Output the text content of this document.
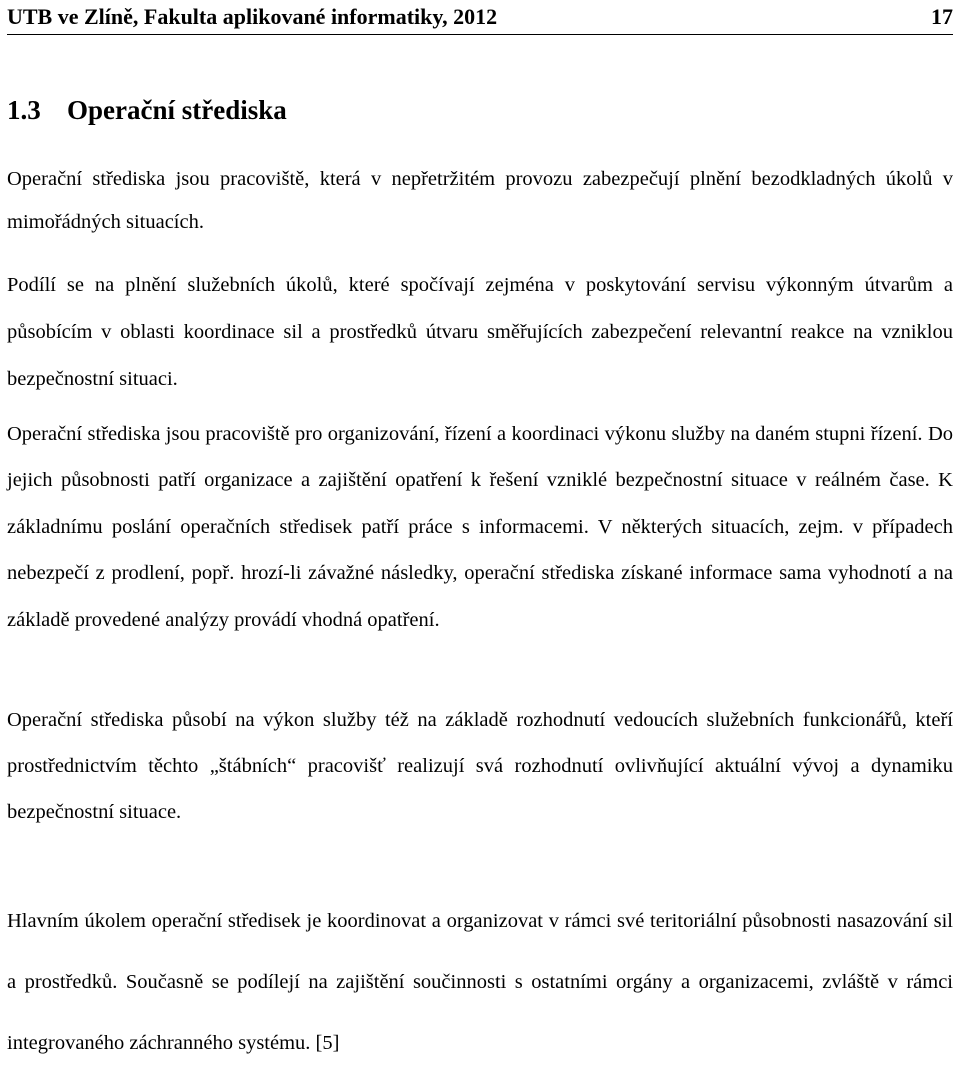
UTB ve Zlíně, Fakulta aplikované informatiky, 2012	17
1.3 Operační střediska

Operační střediska jsou pracoviště, která v nepřetržitém provozu zabezpečují plnění bezodkladných úkolů v mimořádných situacích.

Podílí se na plnění služebních úkolů, které spočívají zejména v poskytování servisu výkonným útvarům a působícím v oblasti koordinace sil a prostředků útvaru směřujících zabezpečení relevantní reakce na vzniklou bezpečnostní situaci.

Operační střediska jsou pracoviště pro organizování, řízení a koordinaci výkonu služby na daném stupni řízení. Do jejich působnosti patří organizace a zajištění opatření k řešení vzniklé bezpečnostní situace v reálném čase. K základnímu poslání operačních středisek patří práce s informacemi. V některých situacích, zejm. v případech nebezpečí z prodlení, popř. hrozí-li závažné následky, operační střediska získané informace sama vyhodnotí a na základě provedené analýzy provádí vhodná opatření.

Operační střediska působí na výkon služby též na základě rozhodnutí vedoucích služebních funkcionářů, kteří prostřednictvím těchto „štábních“ pracovišť realizují svá rozhodnutí ovlivňující aktuální vývoj a dynamiku bezpečnostní situace.

Hlavním úkolem operační středisek je koordinovat a organizovat v rámci své teritoriální působnosti nasazování sil a prostředků. Současně se podílejí na zajištění součinnosti s ostatními orgány a organizacemi, zvláště v rámci integrovaného záchranného systému. [5]
